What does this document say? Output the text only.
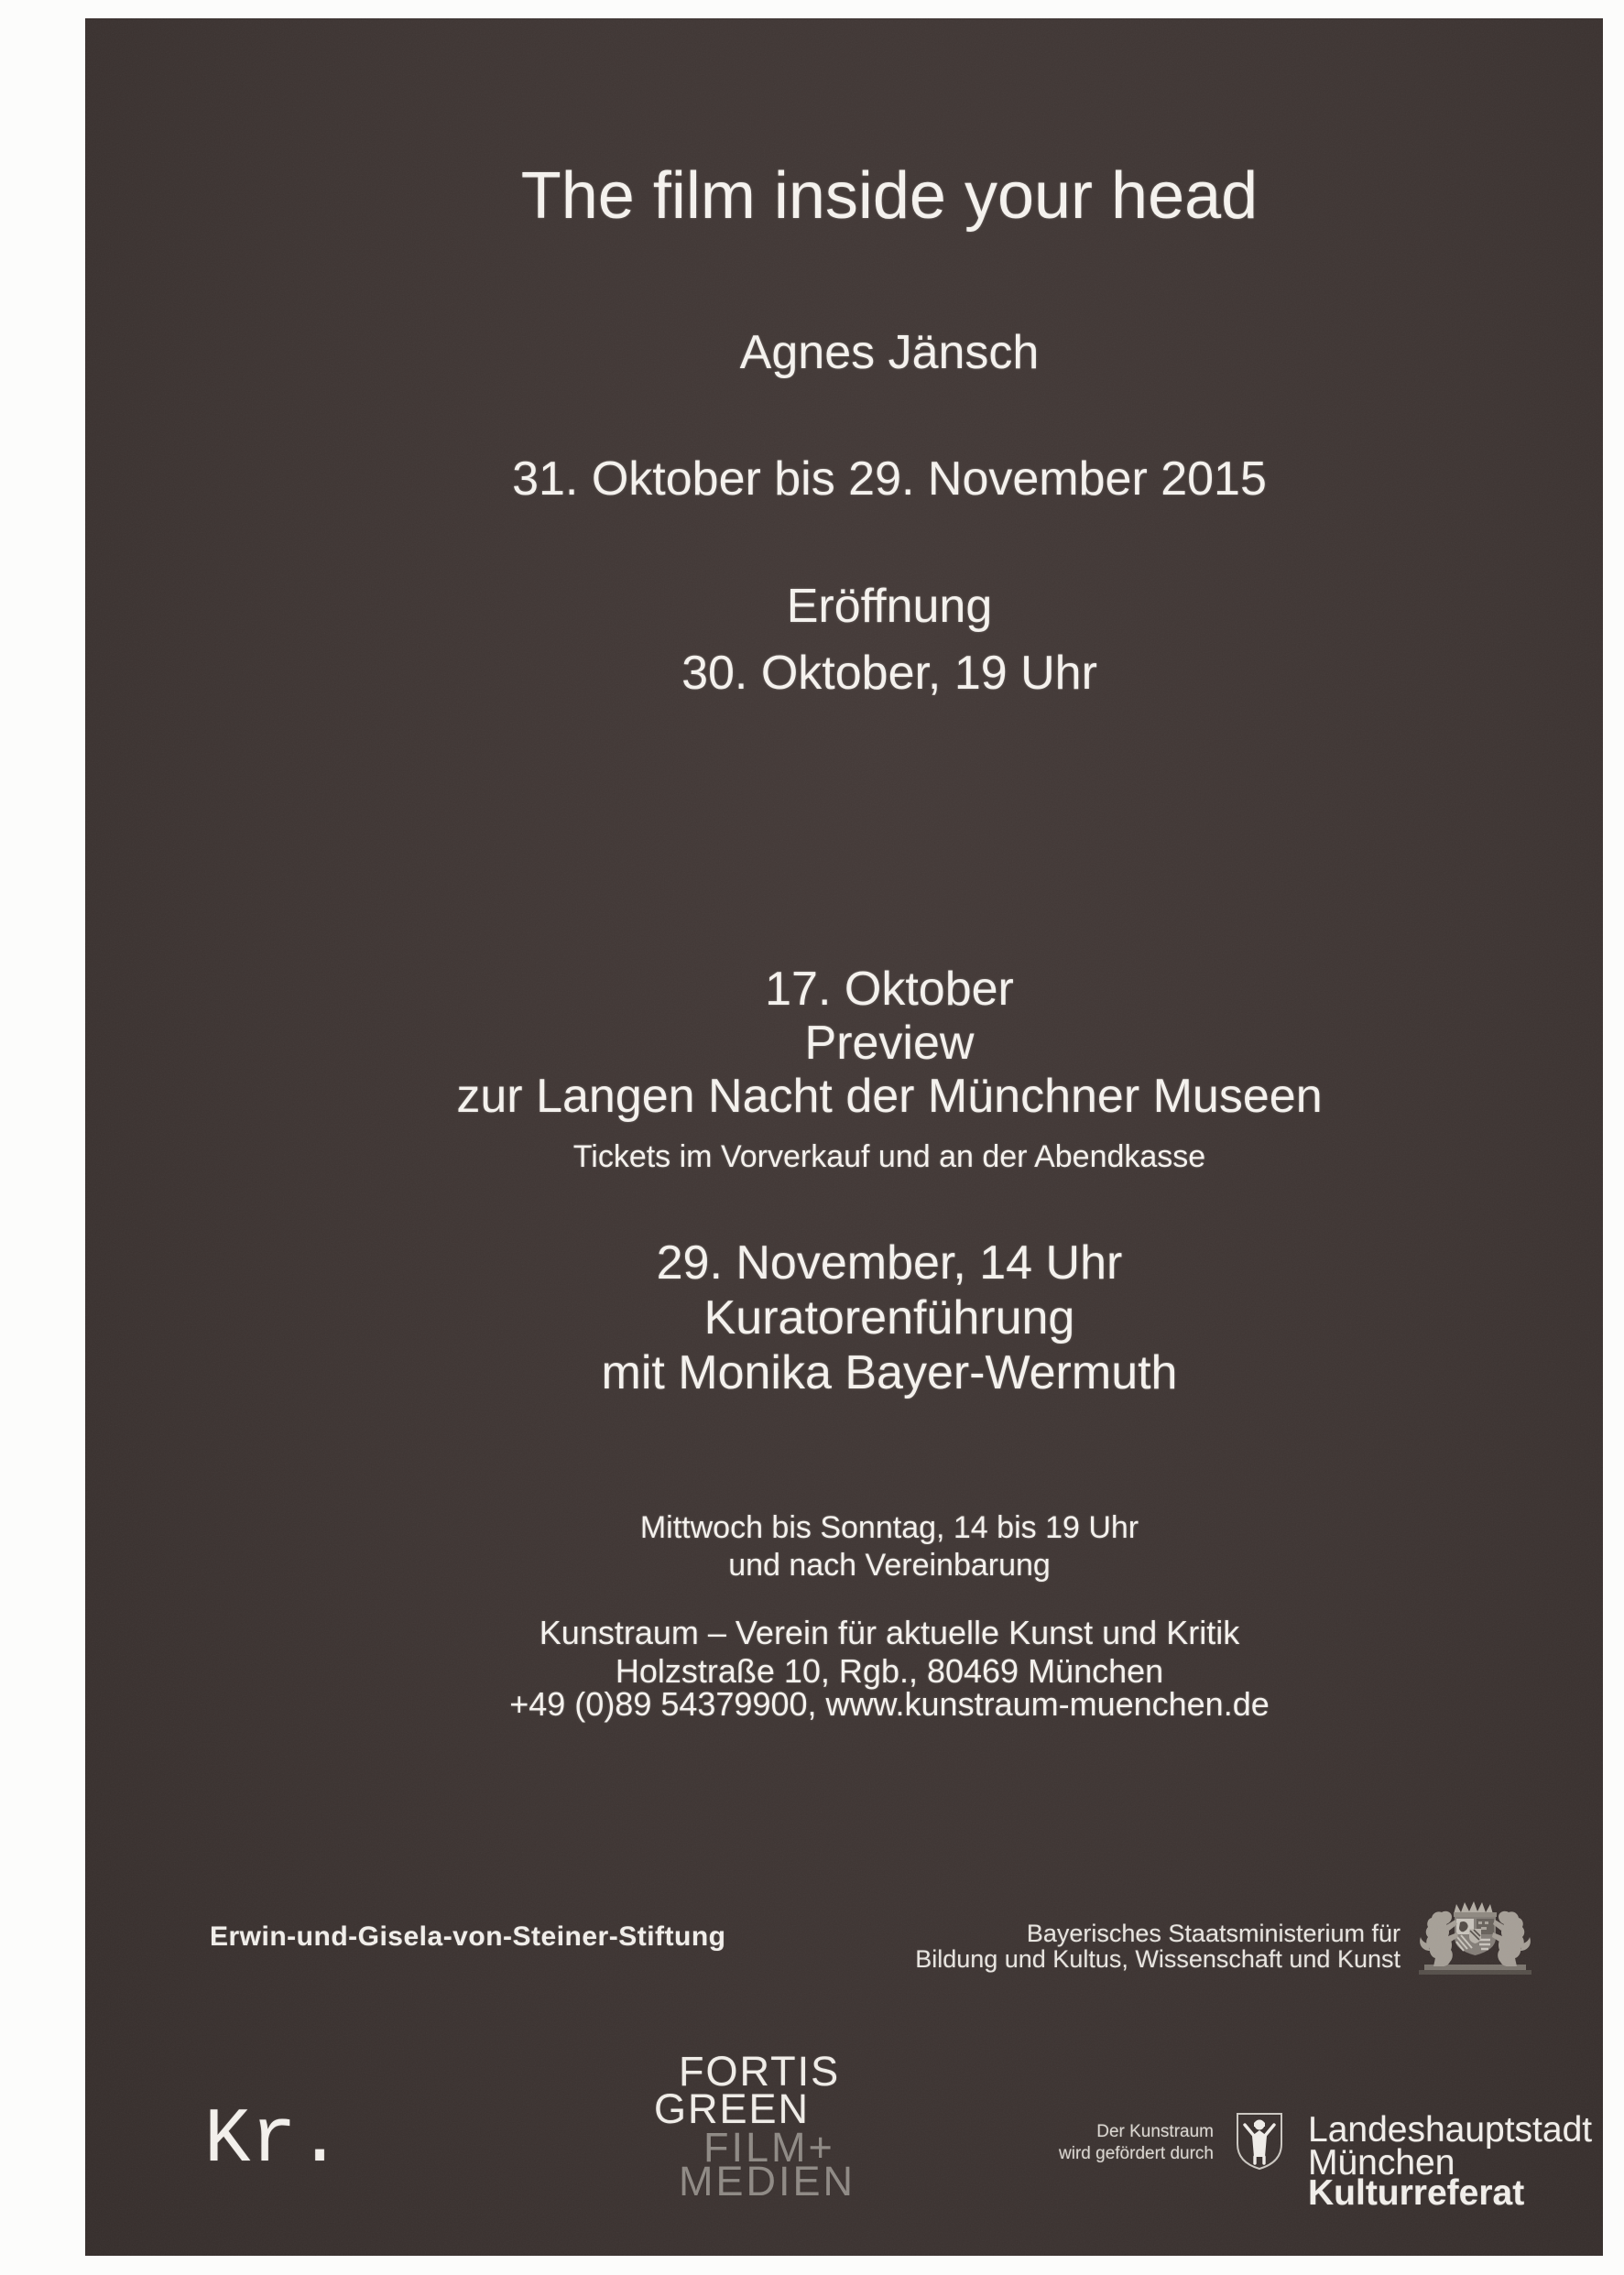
The film inside your head
Agnes Jänsch
31. Oktober bis 29. November 2015
Eröffnung
30. Oktober, 19 Uhr
17. Oktober
Preview
zur Langen Nacht der Münchner Museen
Tickets im Vorverkauf und an der Abendkasse
29. November, 14 Uhr
Kuratorenführung
mit Monika Bayer-Wermuth
Mittwoch bis Sonntag, 14 bis 19 Uhr
und nach Vereinbarung
Kunstraum – Verein für aktuelle Kunst und Kritik
Holzstraße 10, Rgb., 80469 München
+49 (0)89 54379900, www.kunstraum-muenchen.de
Erwin-und-Gisela-von-Steiner-Stiftung	Bayerisches Staatsministerium für
Bildung und Kultus, Wissenschaft und Kunst
Kr.
FORTIS
GREEN
FILM+
MEDIEN
Der Kunstraum
wird gefördert durch
Landeshauptstadt
München
Kulturreferat
